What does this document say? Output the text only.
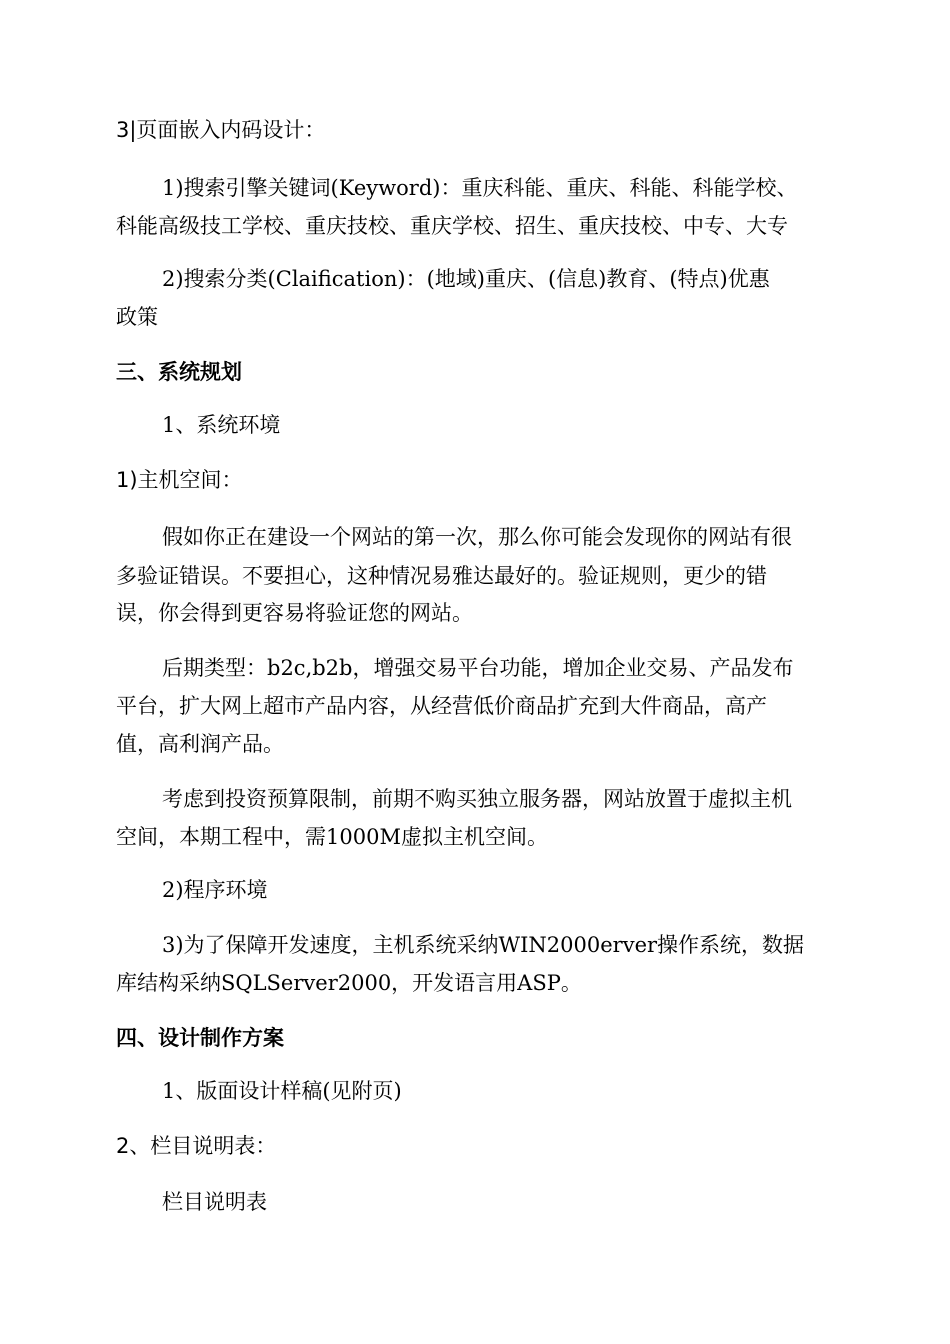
3|页面嵌入内码设计：
1)搜索引擎关键词(Keyword)：重庆科能、重庆、科能、科能学校、
科能高级技工学校、重庆技校、重庆学校、招生、重庆技校、中专、大专
2)搜索分类(Claification)：(地域)重庆、(信息)教育、(特点)优惠
政策
三、系统规划
1、系统环境
1)主机空间：
假如你正在建设一个网站的第一次，那么你可能会发现你的网站有很
多验证错误。不要担心，这种情况易雅达最好的。验证规则，更少的错
误，你会得到更容易将验证您的网站。
后期类型：b2c,b2b，增强交易平台功能，增加企业交易、产品发布
平台，扩大网上超市产品内容，从经营低价商品扩充到大件商品，高产
值，高利润产品。
考虑到投资预算限制，前期不购买独立服务器，网站放置于虚拟主机
空间，本期工程中，需1000M虚拟主机空间。
2)程序环境
3)为了保障开发速度，主机系统采纳WIN2000erver操作系统，数据
库结构采纳SQLServer2000，开发语言用ASP。
四、设计制作方案
1、版面设计样稿(见附页)
2、栏目说明表：
栏目说明表
